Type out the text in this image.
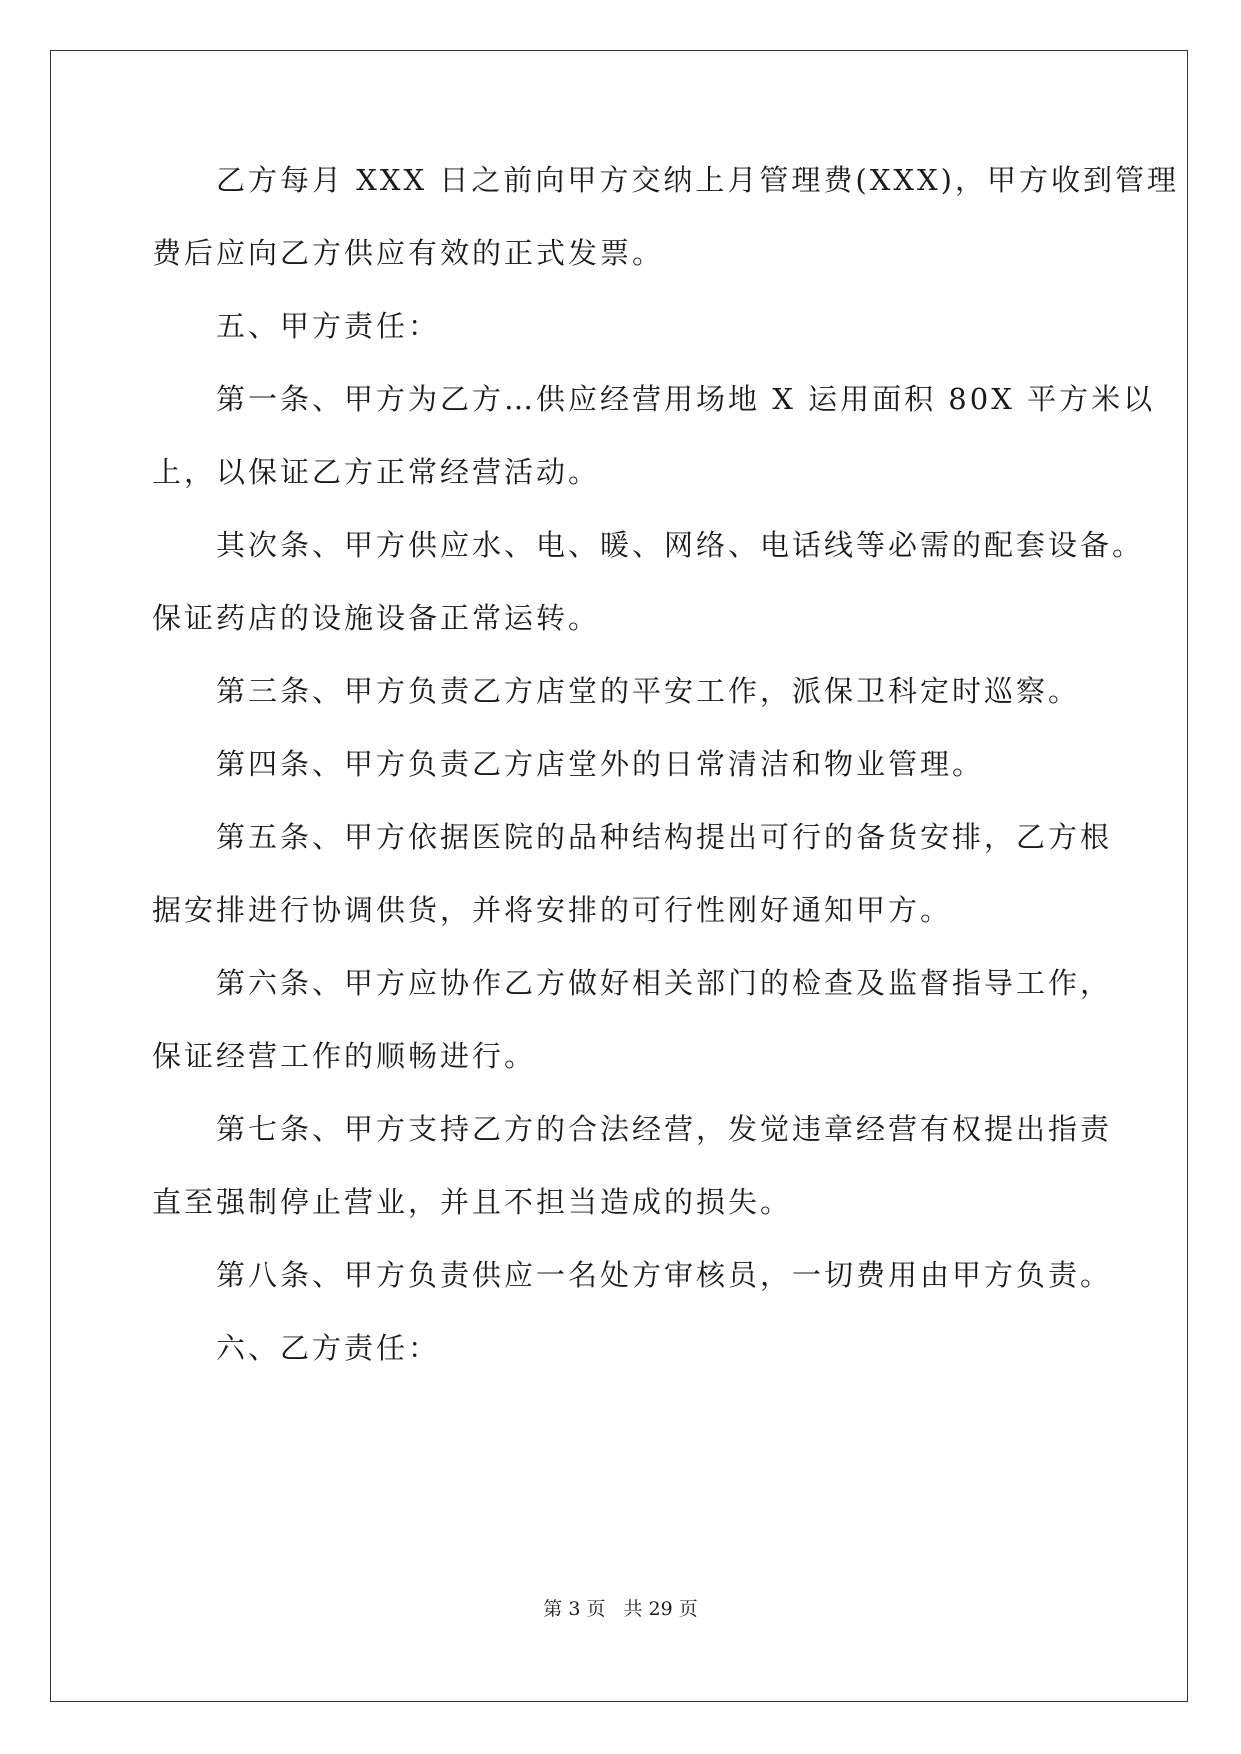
乙方每月 XXX 日之前向甲方交纳上月管理费(XXX)，甲方收到管理
费后应向乙方供应有效的正式发票。
五、甲方责任：
第一条、甲方为乙方…供应经营用场地 X 运用面积 80X 平方米以
上，以保证乙方正常经营活动。
其次条、甲方供应水、电、暖、网络、电话线等必需的配套设备。
保证药店的设施设备正常运转。
第三条、甲方负责乙方店堂的平安工作，派保卫科定时巡察。
第四条、甲方负责乙方店堂外的日常清洁和物业管理。
第五条、甲方依据医院的品种结构提出可行的备货安排，乙方根
据安排进行协调供货，并将安排的可行性刚好通知甲方。
第六条、甲方应协作乙方做好相关部门的检查及监督指导工作，
保证经营工作的顺畅进行。
第七条、甲方支持乙方的合法经营，发觉违章经营有权提出指责
直至强制停止营业，并且不担当造成的损失。
第八条、甲方负责供应一名处方审核员，一切费用由甲方负责。
六、乙方责任：
第 3 页 共 29 页
